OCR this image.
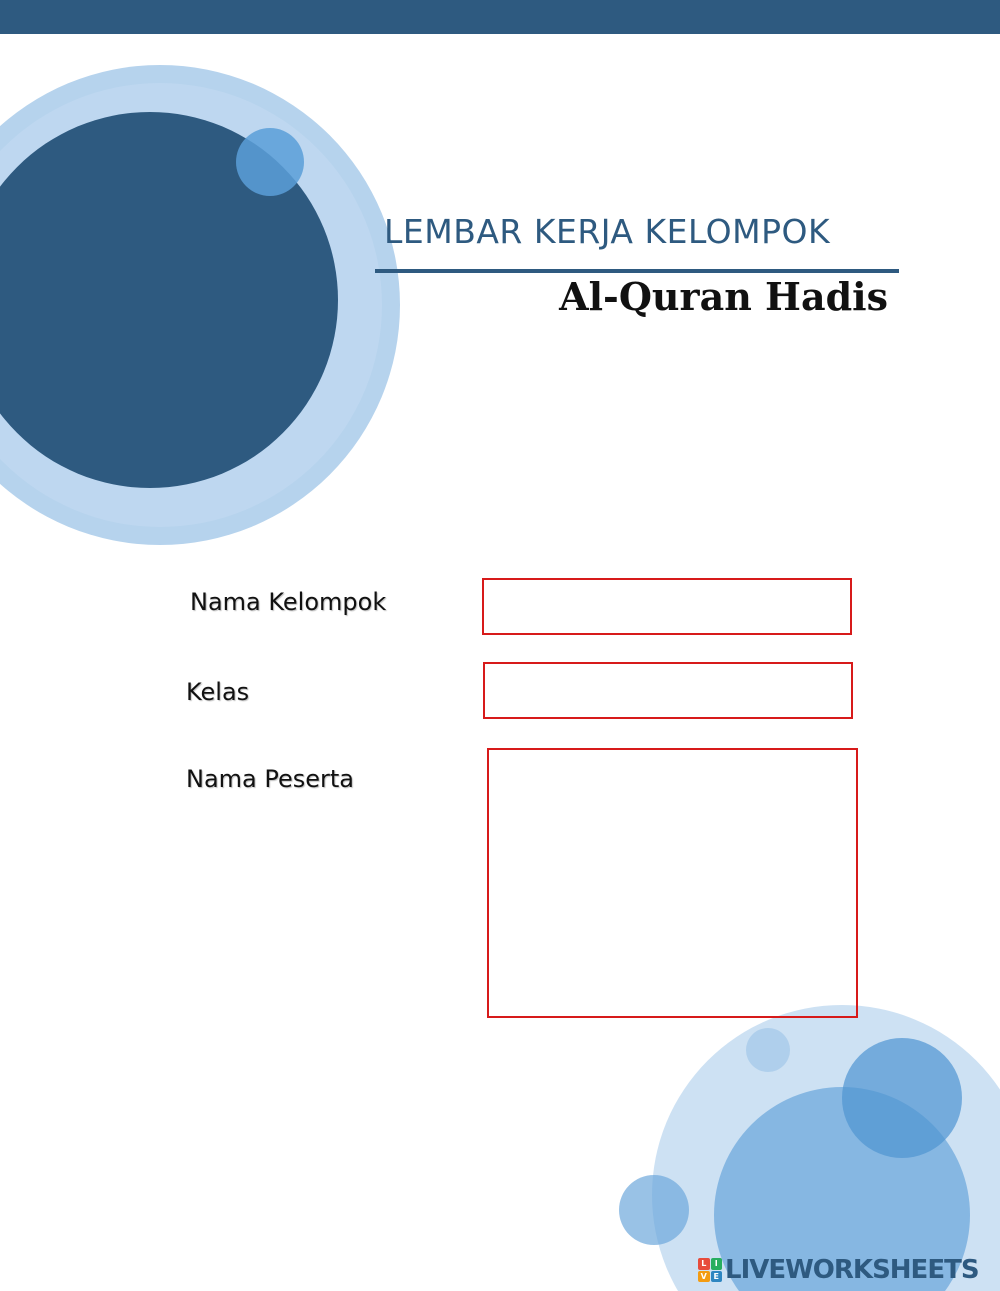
LEMBAR KERJA KELOMPOK
Al-Quran Hadis
Nama Kelompok
Kelas
Nama Peserta
L	I
V E LIVEWORKSHEETS
